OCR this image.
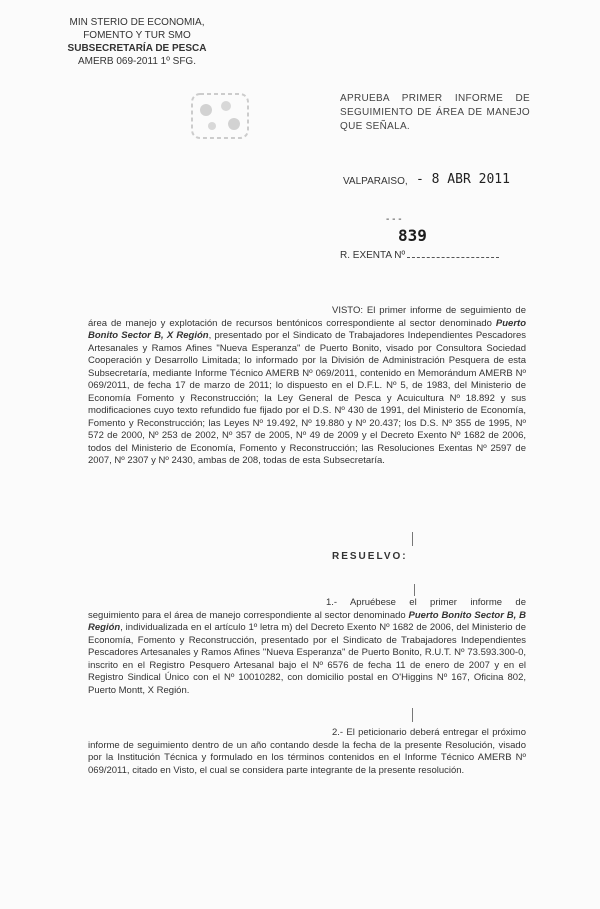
MIN STERIO DE ECONOMIA,
FOMENTO Y TUR SMO
SUBSECRETARÍA DE PESCA
AMERB 069-2011 1º SFG.
APRUEBA PRIMER INFORME DE SEGUIMIENTO DE ÁREA DE MANEJO QUE SEÑALA.
VALPARAISO, - 8 ABR 2011
- - -
839
R. EXENTA Nº
VISTO: El primer informe de seguimiento de área de manejo y explotación de recursos bentónicos correspondiente al sector denominado Puerto Bonito Sector B, X Región, presentado por el Sindicato de Trabajadores Independientes Pescadores Artesanales y Ramos Afines "Nueva Esperanza" de Puerto Bonito, visado por Consultora Sociedad Cooperación y Desarrollo Limitada; lo informado por la División de Administración Pesquera de esta Subsecretaría, mediante Informe Técnico AMERB Nº 069/2011, contenido en Memorándum AMERB Nº 069/2011, de fecha 17 de marzo de 2011; lo dispuesto en el D.F.L. Nº 5, de 1983, del Ministerio de Economía Fomento y Reconstrucción; la Ley General de Pesca y Acuicultura Nº 18.892 y sus modificaciones cuyo texto refundido fue fijado por el D.S. Nº 430 de 1991, del Ministerio de Economía, Fomento y Reconstrucción; las Leyes Nº 19.492, Nº 19.880 y Nº 20.437; los D.S. Nº 355 de 1995, Nº 572 de 2000, Nº 253 de 2002, Nº 357 de 2005, Nº 49 de 2009 y el Decreto Exento Nº 1682 de 2006, todos del Ministerio de Economía, Fomento y Reconstrucción; las Resoluciones Exentas Nº 2597 de 2007, Nº 2307 y Nº 2430, ambas de 208, todas de esta Subsecretaría.
RESUELVO:
1.- Apruébese el primer informe de seguimiento para el área de manejo correspondiente al sector denominado Puerto Bonito Sector B, B Región, individualizada en el artículo 1º letra m) del Decreto Exento Nº 1682 de 2006, del Ministerio de Economía, Fomento y Reconstrucción, presentado por el Sindicato de Trabajadores Independientes Pescadores Artesanales y Ramos Afines "Nueva Esperanza" de Puerto Bonito, R.U.T. Nº 73.593.300-0, inscrito en el Registro Pesquero Artesanal bajo el Nº 6576 de fecha 11 de enero de 2007 y en el Registro Sindical Único con el Nº 10010282, con domicilio postal en O'Higgins Nº 167, Oficina 802, Puerto Montt, X Región.
2.- El peticionario deberá entregar el próximo informe de seguimiento dentro de un año contando desde la fecha de la presente Resolución, visado por la Institución Técnica y formulado en los términos contenidos en el Informe Técnico AMERB Nº 069/2011, citado en Visto, el cual se considera parte integrante de la presente resolución.
